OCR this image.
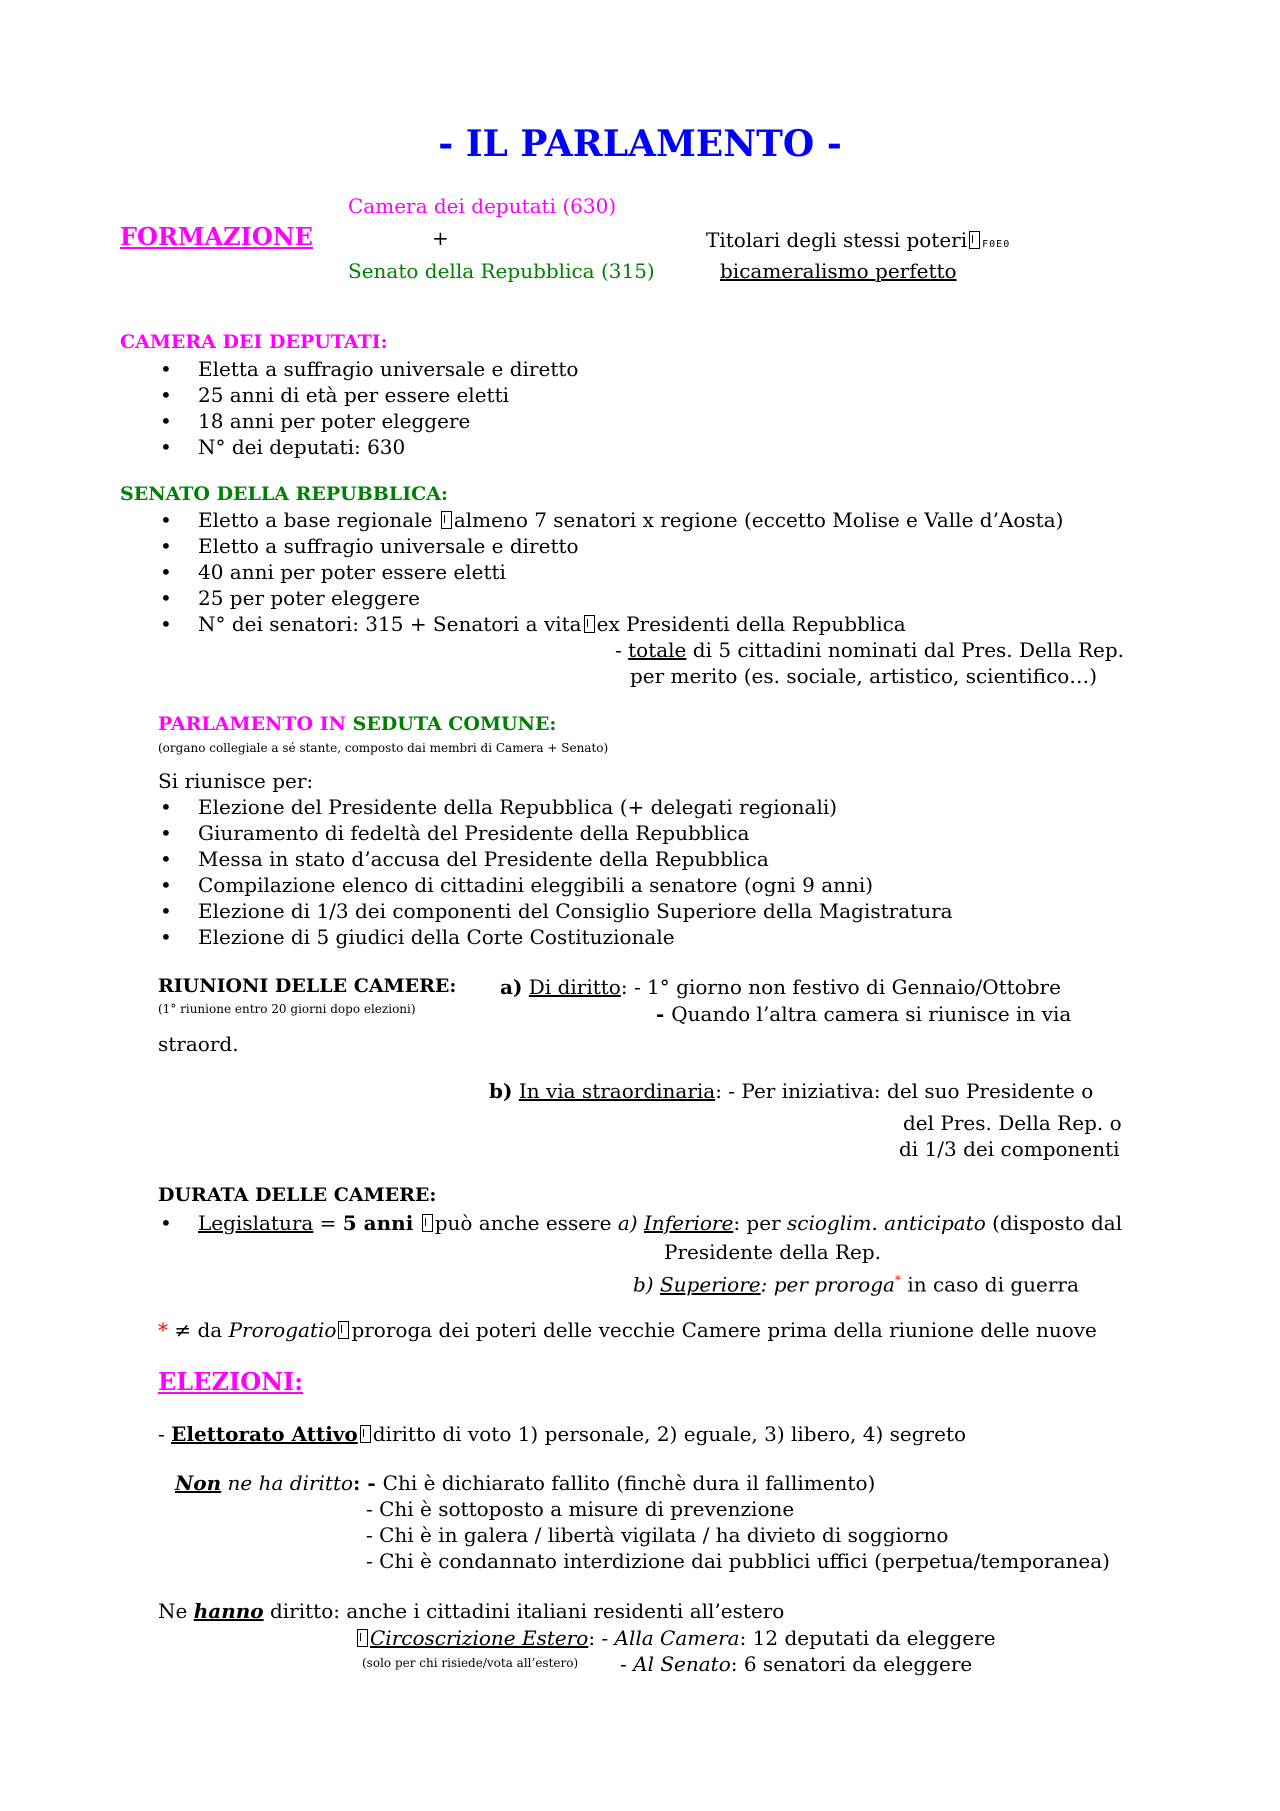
- IL PARLAMENTO -
Camera dei deputati (630)
FORMAZIONE	+	Titolari degli stessi poteri F0E0
Senato della Repubblica (315)	bicameralismo perfetto
CAMERA DEI DEPUTATI:
• Eletta a suffragio universale e diretto
• 25 anni di età per essere eletti
• 18 anni per poter eleggere
• N° dei deputati: 630
SENATO DELLA REPUBBLICA:
• Eletto a base regionale almeno 7 senatori x regione (eccetto Molise e Valle d’Aosta)
• Eletto a suffragio universale e diretto
• 40 anni per poter essere eletti
• 25 per poter eleggere
• N° dei senatori: 315 + Senatori a vita ex Presidenti della Repubblica
- totale di 5 cittadini nominati dal Pres. Della Rep.
per merito (es. sociale, artistico, scientifico…)
PARLAMENTO IN SEDUTA COMUNE:
(organo collegiale a sé stante, composto dai membri di Camera + Senato)
Si riunisce per:
• Elezione del Presidente della Repubblica (+ delegati regionali)
• Giuramento di fedeltà del Presidente della Repubblica
• Messa in stato d’accusa del Presidente della Repubblica
• Compilazione elenco di cittadini eleggibili a senatore (ogni 9 anni)
• Elezione di 1/3 dei componenti del Consiglio Superiore della Magistratura
• Elezione di 5 giudici della Corte Costituzionale
RIUNIONI DELLE CAMERE:
(1° riunione entro 20 giorni dopo elezioni)
a) Di diritto: - 1° giorno non festivo di Gennaio/Ottobre
- Quando l’altra camera si riunisce in via
straord.
b) In via straordinaria: - Per iniziativa: del suo Presidente o
del Pres. Della Rep. o
di 1/3 dei componenti
DURATA DELLE CAMERE:
• Legislatura = 5 anni può anche essere a) Inferiore: per scioglim. anticipato (disposto dal
Presidente della Rep.
b) Superiore: per proroga* in caso di guerra
* ≠ da Prorogatio proroga dei poteri delle vecchie Camere prima della riunione delle nuove
ELEZIONI:
- Elettorato Attivo diritto di voto 1) personale, 2) eguale, 3) libero, 4) segreto
Non ne ha diritto: - Chi è dichiarato fallito (finchè dura il fallimento)
- Chi è sottoposto a misure di prevenzione
- Chi è in galera / libertà vigilata / ha divieto di soggiorno
- Chi è condannato interdizione dai pubblici uffici (perpetua/temporanea)
Ne hanno diritto: anche i cittadini italiani residenti all’estero
Circoscrizione Estero: - Alla Camera: 12 deputati da eleggere
(solo per chi risiede/vota all’estero) - Al Senato: 6 senatori da eleggere
